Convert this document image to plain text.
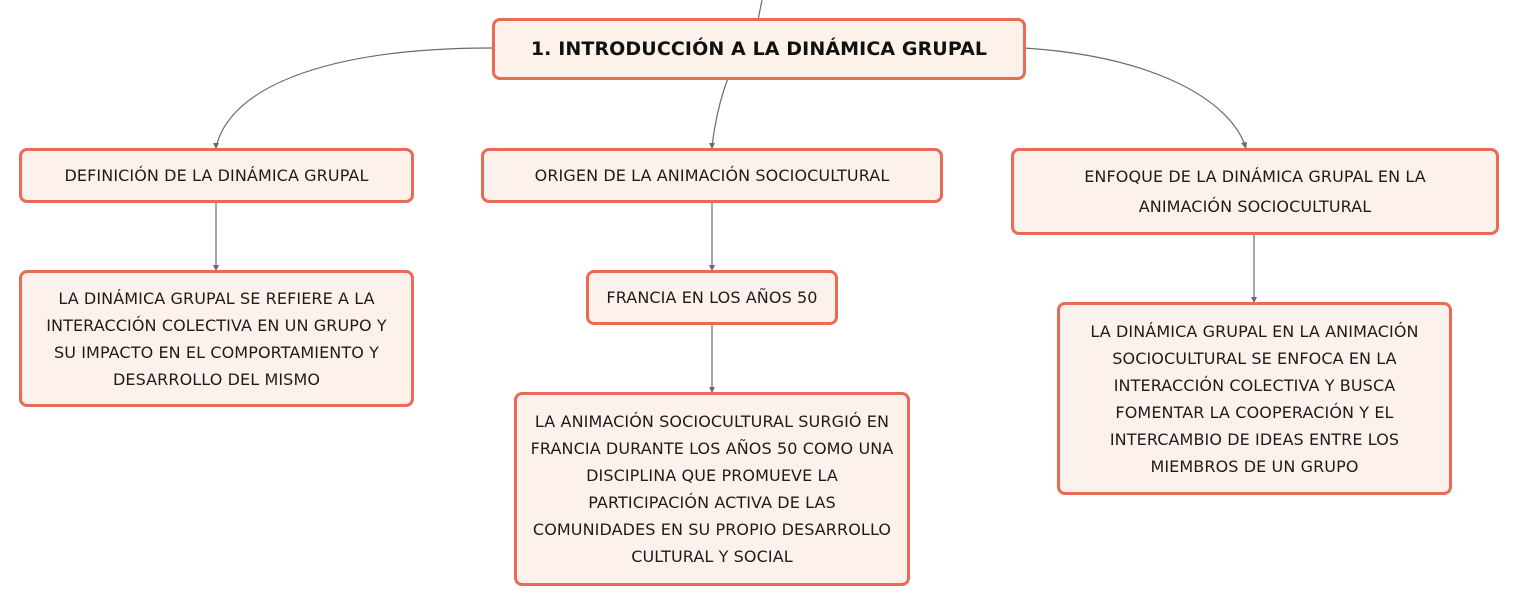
1. INTRODUCCIÓN A LA DINÁMICA GRUPAL
DEFINICIÓN DE LA DINÁMICA GRUPAL	ORIGEN DE LA ANIMACIÓN SOCIOCULTURAL	ENFOQUE DE LA DINÁMICA GRUPAL EN LA ANIMACIÓN SOCIOCULTURAL
LA DINÁMICA GRUPAL SE REFIERE A LA INTERACCIÓN COLECTIVA EN UN GRUPO Y SU IMPACTO EN EL COMPORTAMIENTO Y DESARROLLO DEL MISMO
FRANCIA EN LOS AÑOS 50
LA ANIMACIÓN SOCIOCULTURAL SURGIÓ EN FRANCIA DURANTE LOS AÑOS 50 COMO UNA DISCIPLINA QUE PROMUEVE LA PARTICIPACIÓN ACTIVA DE LAS COMUNIDADES EN SU PROPIO DESARROLLO CULTURAL Y SOCIAL
LA DINÁMICA GRUPAL EN LA ANIMACIÓN SOCIOCULTURAL SE ENFOCA EN LA INTERACCIÓN COLECTIVA Y BUSCA FOMENTAR LA COOPERACIÓN Y EL INTERCAMBIO DE IDEAS ENTRE LOS MIEMBROS DE UN GRUPO
